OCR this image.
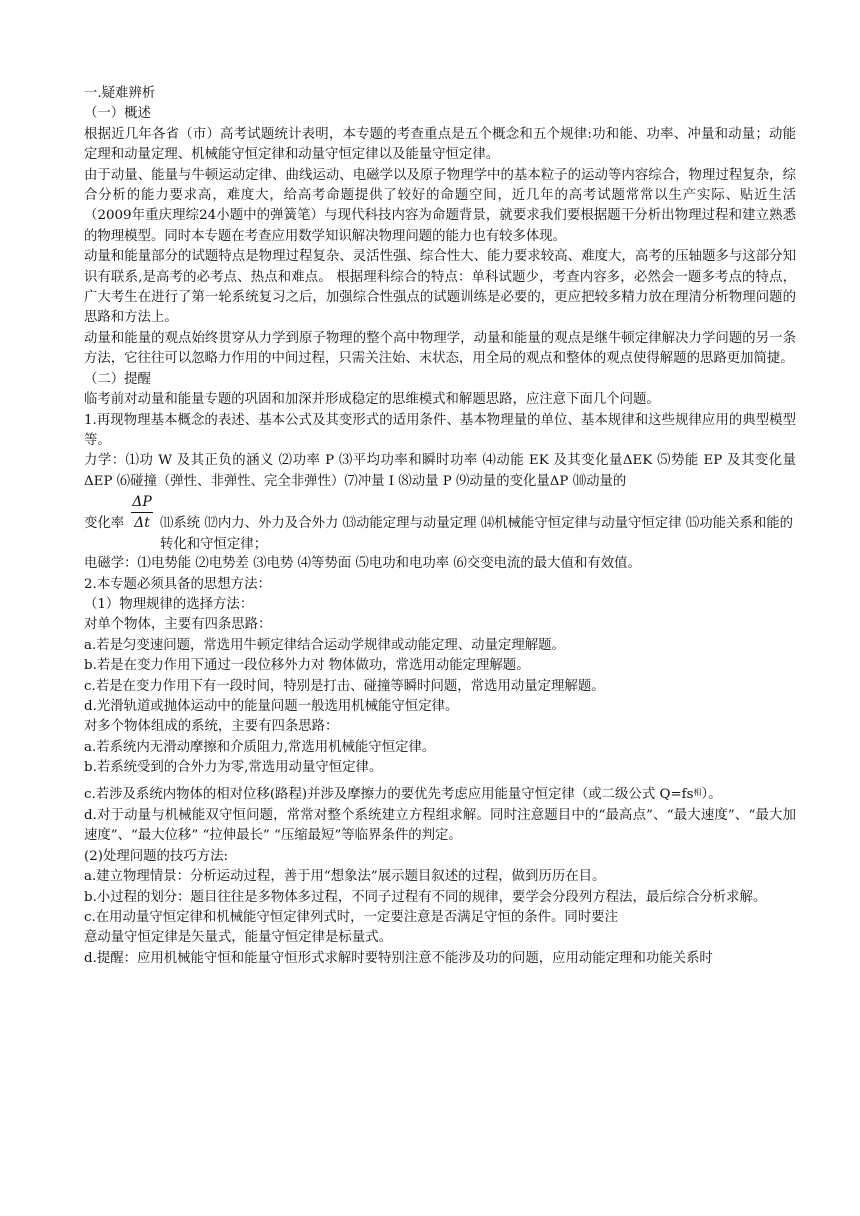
一.疑难辨析

（一）概述

根据近几年各省（市）高考试题统计表明，本专题的考查重点是五个概念和五个规律:功和能、功率、冲量和动量；动能定理和动量定理、机械能守恒定律和动量守恒定律以及能量守恒定律。

由于动量、能量与牛顿运动定律、曲线运动、电磁学以及原子物理学中的基本粒子的运动等内容综合，物理过程复杂，综合分析的能力要求高，难度大，给高考命题提供了较好的命题空间，近几年的高考试题常常以生产实际、贴近生活（2009年重庆理综24小题中的弹簧笔）与现代科技内容为命题背景，就要求我们要根据题干分析出物理过程和建立熟悉的物理模型。同时本专题在考查应用数学知识解决物理问题的能力也有较多体现。

动量和能量部分的试题特点是物理过程复杂、灵活性强、综合性大、能力要求较高、难度大，高考的压轴题多与这部分知识有联系,是高考的必考点、热点和难点。 根据理科综合的特点：单科试题少，考查内容多，必然会一题多考点的特点，广大考生在进行了第一轮系统复习之后，加强综合性强点的试题训练是必要的，更应把较多精力放在理清分析物理问题的思路和方法上。

动量和能量的观点始终贯穿从力学到原子物理的整个高中物理学，动量和能量的观点是继牛顿定律解决力学问题的另一条方法，它往往可以忽略力作用的中间过程，只需关注始、末状态，用全局的观点和整体的观点使得解题的思路更加简捷。

（二）提醒

临考前对动量和能量专题的巩固和加深并形成稳定的思维模式和解题思路，应注意下面几个问题。

1.再现物理基本概念的表述、基本公式及其变形式的适用条件、基本物理量的单位、基本规律和这些规律应用的典型模型等。

力学：⑴功 W 及其正负的涵义 ⑵功率 P ⑶平均功率和瞬时功率 ⑷动能 EK 及其变化量ΔEK ⑸势能 EP 及其变化量ΔEP ⑹碰撞（弹性、非弹性、完全非弹性）⑺冲量 I ⑻动量 P ⑼动量的变化量ΔP ⑽动量的

变化率
ΔP
Δt ⑾系统 ⑿内力、外力及合外力 ⒀动能定理与动量定理 ⒁机械能守恒定律与动量守恒定律 ⒂功能关系和能的转化和守恒定律；

电磁学：⑴电势能 ⑵电势差 ⑶电势 ⑷等势面 ⑸电功和电功率 ⑹交变电流的最大值和有效值。

2.本专题必须具备的思想方法：

（1）物理规律的选择方法：

对单个物体，主要有四条思路：

a.若是匀变速问题，常选用牛顿定律结合运动学规律或动能定理、动量定理解题。

b.若是在变力作用下通过一段位移外力对 物体做功，常选用动能定理解题。

c.若是在变力作用下有一段时间，特别是打击、碰撞等瞬时问题，常选用动量定理解题。

d.光滑轨道或抛体运动中的能量问题一般选用机械能守恒定律。

对多个物体组成的系统，主要有四条思路：

a.若系统内无滑动摩擦和介质阻力,常选用机械能守恒定律。

b.若系统受到的合外力为零,常选用动量守恒定律。

c.若涉及系统内物体的相对位移(路程)并涉及摩擦力的要优先考虑应用能量守恒定律（或二级公式 $Q=fs_相$）。

d.对于动量与机械能双守恒问题，常常对整个系统建立方程组求解。同时注意题目中的“最高点”、“最大速度”、“最大加速度”、“最大位移” “拉伸最长” “压缩最短”等临界条件的判定。

(2)处理问题的技巧方法:

a.建立物理情景：分析运动过程，善于用“想象法”展示题目叙述的过程，做到历历在目。

b.小过程的划分：题目往往是多物体多过程，不同子过程有不同的规律，要学会分段列方程法，最后综合分析求解。

c.在用动量守恒定律和机械能守恒定律列式时，一定要注意是否满足守恒的条件。同时要注

意动量守恒定律是矢量式，能量守恒定律是标量式。

d.提醒：应用机械能守恒和能量守恒形式求解时要特别注意不能涉及功的问题，应用动能定理和功能关系时
